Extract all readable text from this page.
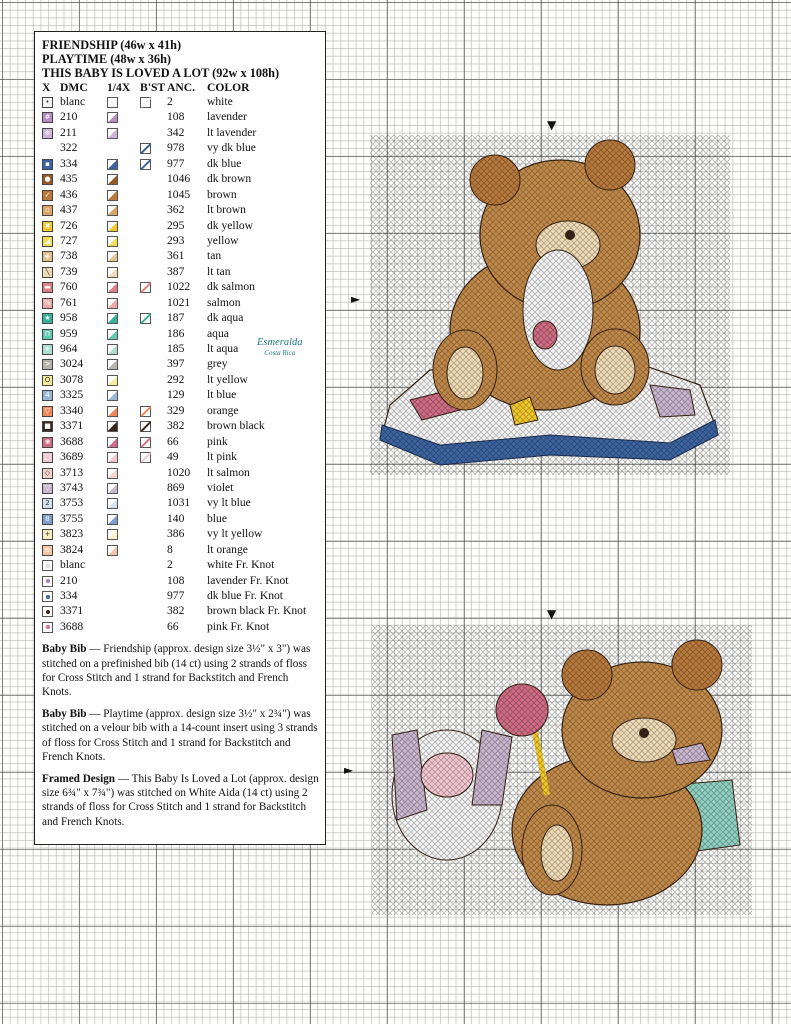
FRIENDSHIP (46w x 41h)
PLAYTIME (48w x 36h)
THIS BABY IS LOVED A LOT (92w x 108h)
X DMC 1/4X B'ST ANC. COLOR
• blanc	2	white
# 210	108 lavender
※ 211	342 lt lavender
322	978 vy dk blue
▪ 334	977 dk blue
● 435	1046 dk brown
✓ 436	1045 brown
▫ 437	362 lt brown
✖ 726	295 dk yellow
◢ 727	293 yellow
◈ 738	361 tan
╲ 739	387 lt tan
▬ 760	1022 dk salmon
% 761	1021 salmon
★ 958	187 dk aqua
Π 959	186 aqua
✳ 964	185 lt aqua
> 3024	397 grey
O 3078	292 lt yellow
4 3325	129 lt blue
▽ 3340	329 orange
■ 3371	382 brown black
❀ 3688	66 pink
□ 3689	49 lt pink
◇ 3713	1020 lt salmon
▽ 3743	869 violet
2 3753	1031 vy lt blue
8 3755	140 blue
+ 3823	386 vy lt yellow
≡ 3824	8	lt orange
blanc	2	white Fr. Knot
210	108 lavender Fr. Knot
334	977 dk blue Fr. Knot
3371	382 brown black Fr. Knot
3688	66 pink Fr. Knot
Baby Bib — Friendship (approx. design size 3½" x 3") was stitched on a prefinished bib (14 ct) using 2 strands of floss for Cross Stitch and 1 strand for Backstitch and French Knots.
Baby Bib — Playtime (approx. design size 3½" x 2¾") was stitched on a velour bib with a 14-count insert using 3 strands of floss for Cross Stitch and 1 strand for Backstitch and French Knots.
Framed Design — This Baby Is Loved a Lot (approx. design size 6¾" x 7¾") was stitched on White Aida (14 ct) using 2 strands of floss for Cross Stitch and 1 strand for Backstitch and French Knots.
Esmeralda
Costa Rica
▼
►
▼
►
